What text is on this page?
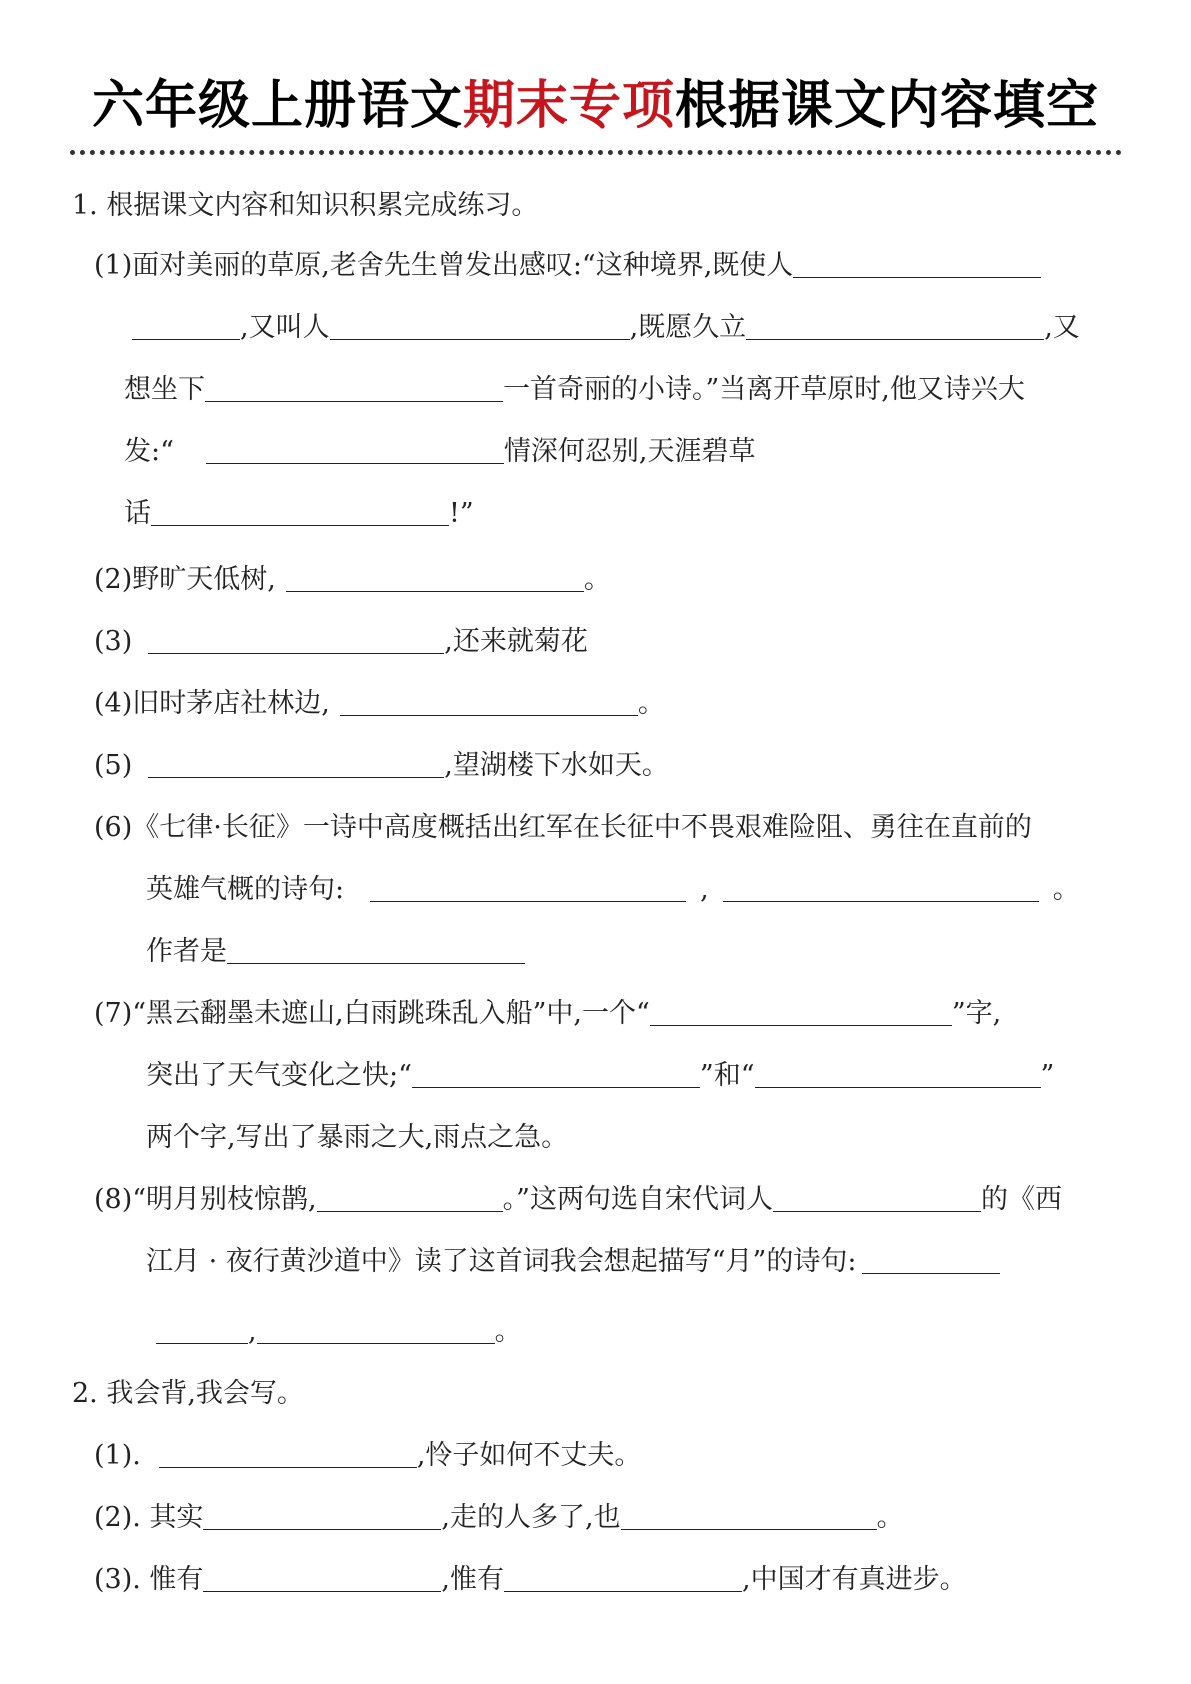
六年级上册语文期末专项根据课文内容填空
1. 根据课文内容和知识积累完成练习。
(1)面对美丽的草原,老舍先生曾发出感叹:“这种境界,既使人
,又叫人	,既愿久立	,又
想坐下	一首奇丽的小诗。”当离开草原时,他又诗兴大
发:“	情深何忍别,天涯碧草
话	!”
(2)野旷天低树,	。
(3)	,还来就菊花
(4)旧时茅店社林边,	。
(5)	,望湖楼下水如天。
(6)《七律·长征》一诗中高度概括出红军在长征中不畏艰难险阻、勇往在直前的
英雄气概的诗句:	,	。
作者是
(7)“黑云翻墨未遮山,白雨跳珠乱入船”中,一个“	”字,
突出了天气变化之快;“	”和“	”
两个字,写出了暴雨之大,雨点之急。
(8)“明月别枝惊鹊,	。”这两句选自宋代词人	的《西
江月 · 夜行黄沙道中》读了这首词我会想起描写“月”的诗句:
,	。
2. 我会背,我会写。
(1).	,怜子如何不丈夫。
(2). 其实	,走的人多了,也	。
(3). 惟有	,惟有	,中国才有真进步。
